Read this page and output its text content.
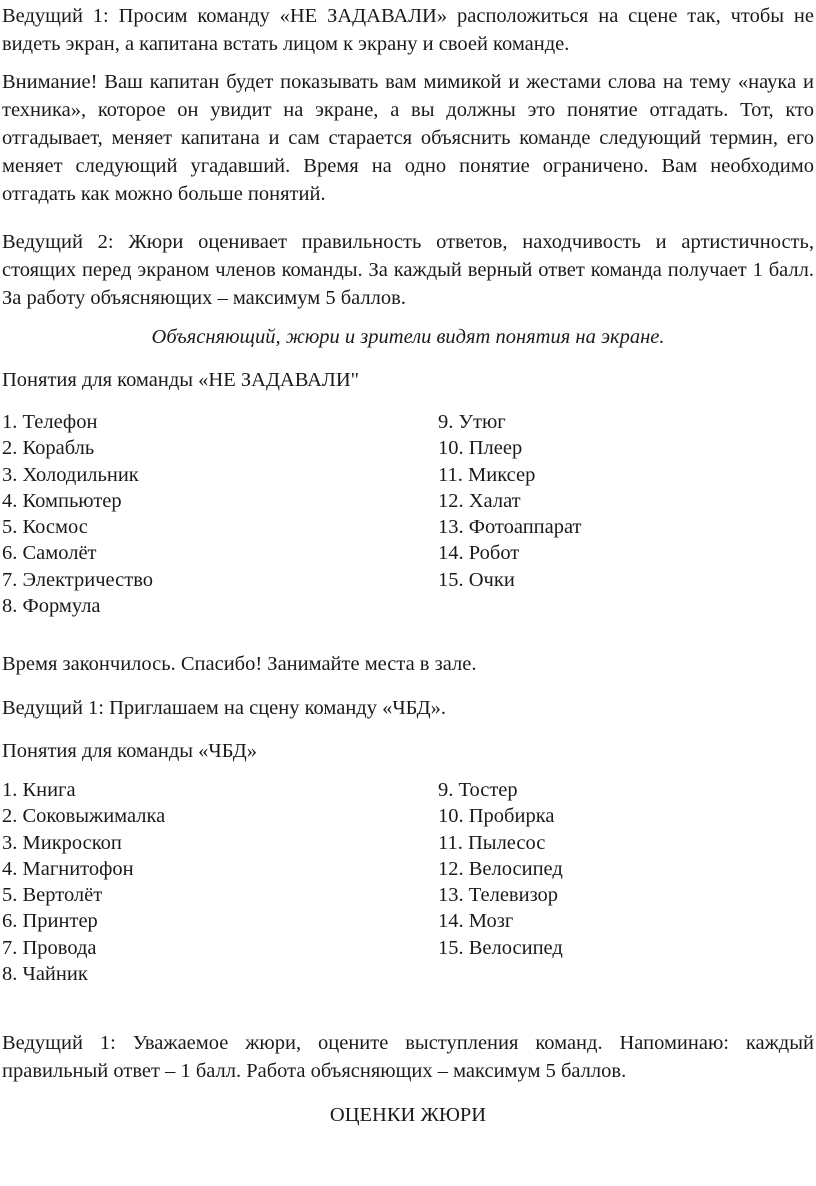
Ведущий 1: Просим команду «НЕ ЗАДАВАЛИ» расположиться на сцене так, чтобы не видеть экран, а капитана встать лицом к экрану и своей команде.

Внимание! Ваш капитан будет показывать вам мимикой и жестами слова на тему «наука и техника», которое он увидит на экране, а вы должны это понятие отгадать. Тот, кто отгадывает, меняет капитана и сам старается объяснить команде следующий термин, его меняет следующий угадавший. Время на одно понятие ограничено. Вам необходимо отгадать как можно больше понятий.

Ведущий 2: Жюри оценивает правильность ответов, находчивость и артистичность, стоящих перед экраном членов команды. За каждый верный ответ команда получает 1 балл. За работу объясняющих – максимум 5 баллов.

Объясняющий, жюри и зрители видят понятия на экране.

Понятия для команды «НЕ ЗАДАВАЛИ"

1. Телефон
2. Корабль
3. Холодильник
4. Компьютер
5. Космос
6. Самолёт
7. Электричество
8. Формула
9. Утюг
10. Плеер
11. Миксер
12. Халат
13. Фотоаппарат
14. Робот
15. Очки

Время закончилось. Спасибо! Занимайте места в зале.

Ведущий 1: Приглашаем на сцену команду «ЧБД».

Понятия для команды «ЧБД»

1. Книга
2. Соковыжималка
3. Микроскоп
4. Магнитофон
5. Вертолёт
6. Принтер
7. Провода
8. Чайник
9. Тостер
10. Пробирка
11. Пылесос
12. Велосипед
13. Телевизор
14. Мозг
15. Велосипед

Ведущий 1: Уважаемое жюри, оцените выступления команд. Напоминаю: каждый правильный ответ – 1 балл. Работа объясняющих – максимум 5 баллов.

ОЦЕНКИ ЖЮРИ
